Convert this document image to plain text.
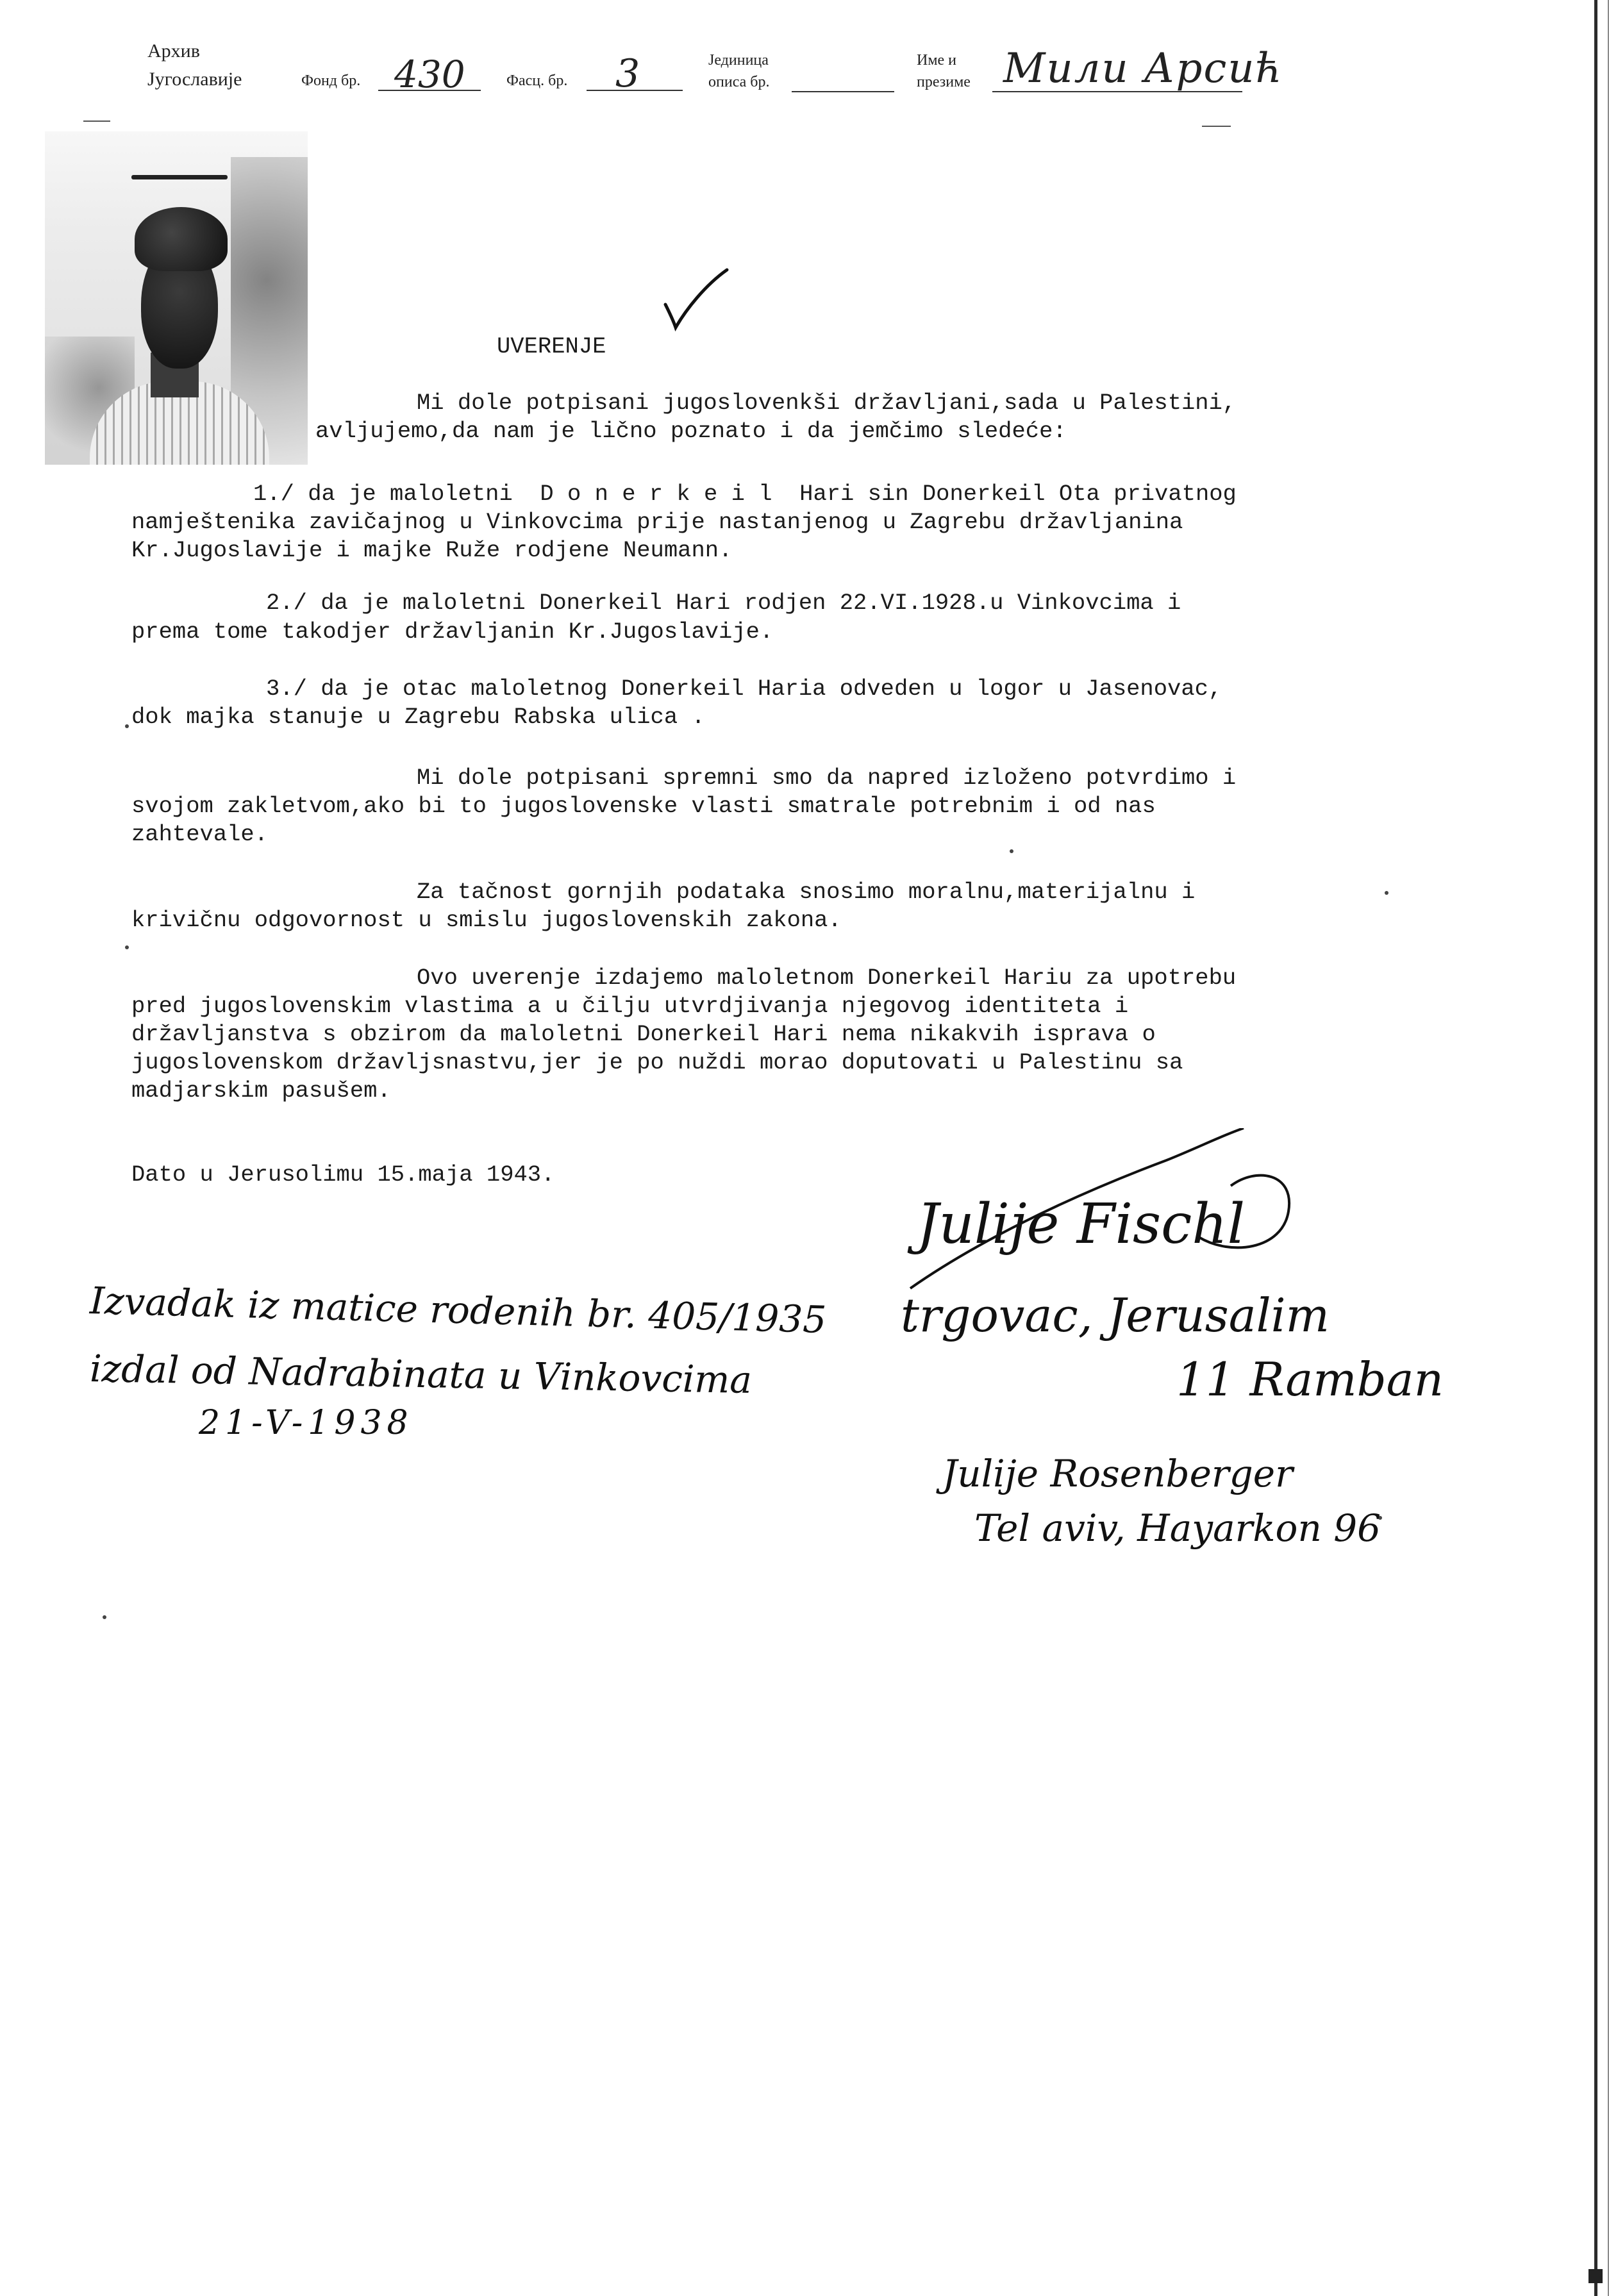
Архив
Југославије	Фонд бр. 430	Фасц. бр. 3	Јединица
описа бр.
Име и
презиме Мили Арсић
UVERENJE
Mi dole potpisani jugoslovenkši državljani,sada u Palestini,
avljujemo,da nam je lično poznato i da jemčimo sledeće:
1./ da je maloletni  D o n e r k e i l  Hari sin Donerkeil Ota privatnog
namještenika zavičajnog u Vinkovcima prije nastanjenog u Zagrebu državljanina
Kr.Jugoslavije i majke Ruže rodjene Neumann.
2./ da je maloletni Donerkeil Hari rodjen 22.VI.1928.u Vinkovcima i
prema tome takodjer državljanin Kr.Jugoslavije.
3./ da je otac maloletnog Donerkeil Haria odveden u logor u Jasenovac,
dok majka stanuje u Zagrebu Rabska ulica .
Mi dole potpisani spremni smo da napred izloženo potvrdimo i
svojom zakletvom,ako bi to jugoslovenske vlasti smatrale potrebnim i od nas
zahtevale.
Za tačnost gornjih podataka snosimo moralnu,materijalnu i
krivičnu odgovornost u smislu jugoslovenskih zakona.
Ovo uverenje izdajemo maloletnom Donerkeil Hariu za upotrebu
pred jugoslovenskim vlastima a u čilju utvrdjivanja njegovog identiteta i
državljanstva s obzirom da maloletni Donerkeil Hari nema nikakvih isprava o
jugoslovenskom državljsnastvu,jer je po nuždi morao doputovati u Palestinu sa
madjarskim pasušem.
Dato u Jerusolimu 15.maja 1943.
Izvadak iz matice rodenih br. 405/1935
izdal od Nadrabinata u Vinkovcima
21-V-1938
Julije Fischl
trgovac, Jerusalim
11 Ramban
Julije Rosenberger
Tel aviv, Hayarkon 96
